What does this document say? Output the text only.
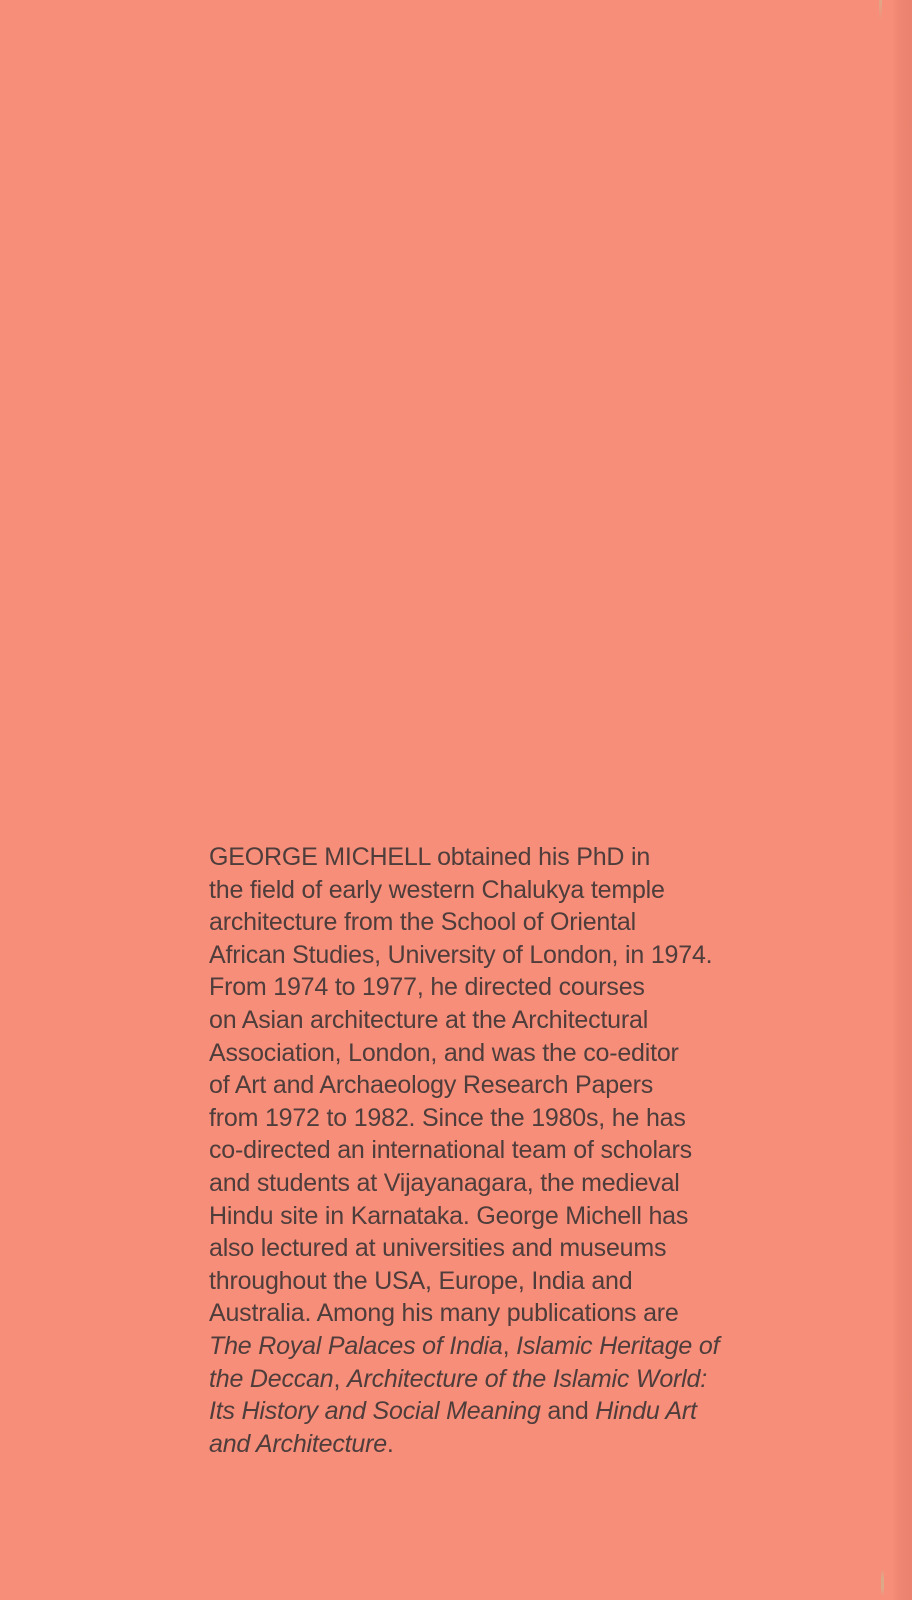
GEORGE MICHELL obtained his PhD in
the field of early western Chalukya temple
architecture from the School of Oriental
African Studies, University of London, in 1974.
From 1974 to 1977, he directed courses
on Asian architecture at the Architectural
Association, London, and was the co-editor
of Art and Archaeology Research Papers
from 1972 to 1982. Since the 1980s, he has
co-directed an international team of scholars
and students at Vijayanagara, the medieval
Hindu site in Karnataka. George Michell has
also lectured at universities and museums
throughout the USA, Europe, India and
Australia. Among his many publications are
The Royal Palaces of India, Islamic Heritage of
the Deccan, Architecture of the Islamic World:
Its History and Social Meaning and Hindu Art
and Architecture.
